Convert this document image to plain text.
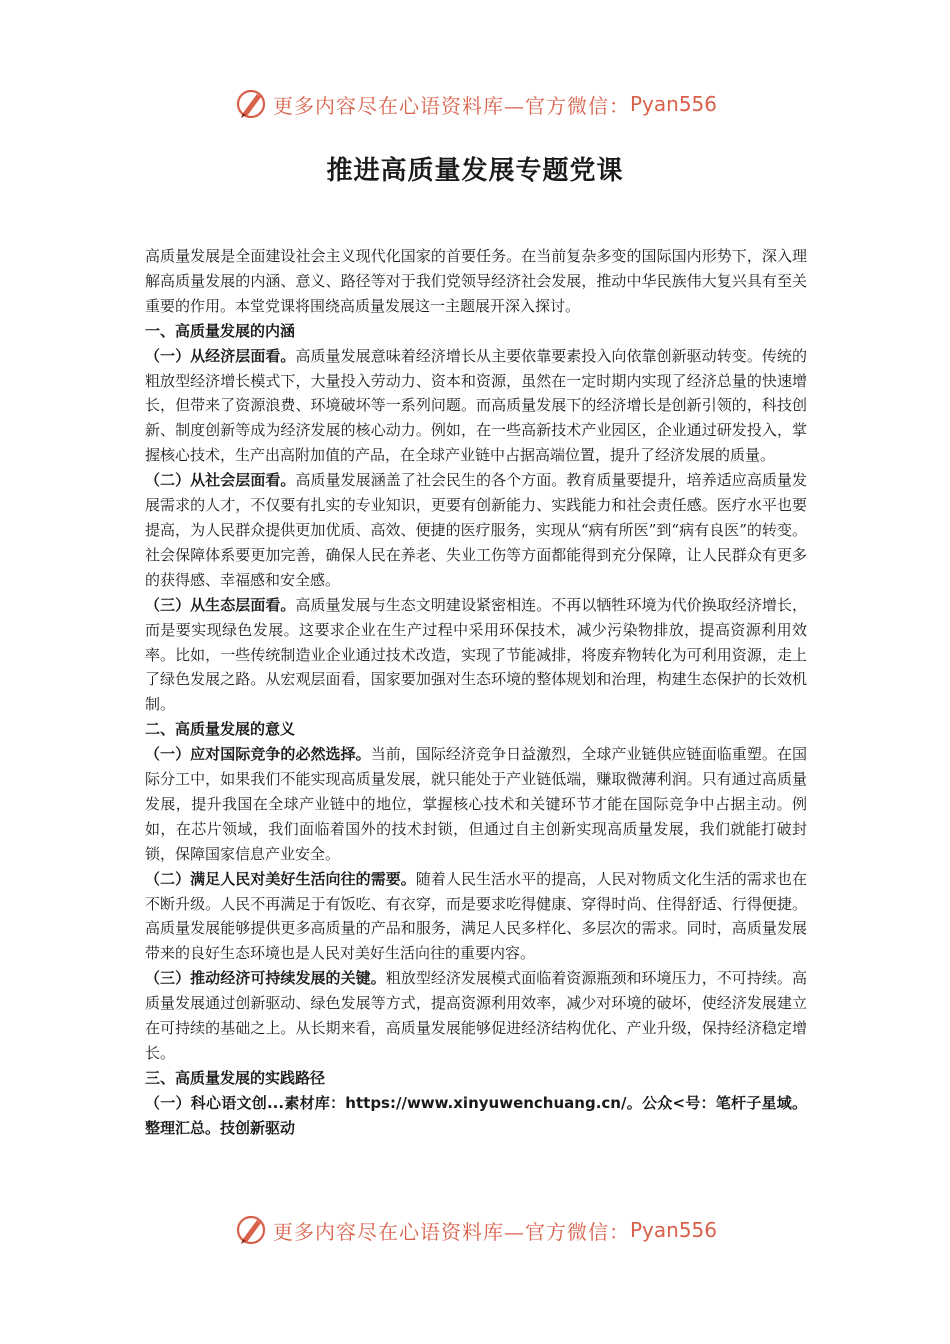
更多内容尽在心语资料库—官方微信： Pyan556
推进高质量发展专题党课

高质量发展是全面建设社会主义现代化国家的首要任务。在当前复杂多变的国际国内形势下，深入理解高质量发展的内涵、意义、路径等对于我们党领导经济社会发展，推动中华民族伟大复兴具有至关重要的作用。本堂党课将围绕高质量发展这一主题展开深入探讨。

一、高质量发展的内涵

（一）从经济层面看。高质量发展意味着经济增长从主要依靠要素投入向依靠创新驱动转变。传统的粗放型经济增长模式下，大量投入劳动力、资本和资源，虽然在一定时期内实现了经济总量的快速增长，但带来了资源浪费、环境破坏等一系列问题。而高质量发展下的经济增长是创新引领的，科技创新、制度创新等成为经济发展的核心动力。例如，在一些高新技术产业园区，企业通过研发投入，掌握核心技术，生产出高附加值的产品，在全球产业链中占据高端位置，提升了经济发展的质量。

（二）从社会层面看。高质量发展涵盖了社会民生的各个方面。教育质量要提升，培养适应高质量发展需求的人才，不仅要有扎实的专业知识，更要有创新能力、实践能力和社会责任感。医疗水平也要提高，为人民群众提供更加优质、高效、便捷的医疗服务，实现从“病有所医”到“病有良医”的转变。社会保障体系要更加完善，确保人民在养老、失业工伤等方面都能得到充分保障，让人民群众有更多的获得感、幸福感和安全感。

（三）从生态层面看。高质量发展与生态文明建设紧密相连。不再以牺牲环境为代价换取经济增长，而是要实现绿色发展。这要求企业在生产过程中采用环保技术，减少污染物排放，提高资源利用效率。比如，一些传统制造业企业通过技术改造，实现了节能减排，将废弃物转化为可利用资源，走上了绿色发展之路。从宏观层面看，国家要加强对生态环境的整体规划和治理，构建生态保护的长效机制。

二、高质量发展的意义

（一）应对国际竞争的必然选择。当前，国际经济竞争日益激烈，全球产业链供应链面临重塑。在国际分工中，如果我们不能实现高质量发展，就只能处于产业链低端，赚取微薄利润。只有通过高质量发展，提升我国在全球产业链中的地位，掌握核心技术和关键环节才能在国际竞争中占据主动。例如，在芯片领域，我们面临着国外的技术封锁，但通过自主创新实现高质量发展，我们就能打破封锁，保障国家信息产业安全。

（二）满足人民对美好生活向往的需要。随着人民生活水平的提高，人民对物质文化生活的需求也在不断升级。人民不再满足于有饭吃、有衣穿，而是要求吃得健康、穿得时尚、住得舒适、行得便捷。高质量发展能够提供更多高质量的产品和服务，满足人民多样化、多层次的需求。同时，高质量发展带来的良好生态环境也是人民对美好生活向往的重要内容。

（三）推动经济可持续发展的关键。粗放型经济发展模式面临着资源瓶颈和环境压力，不可持续。高质量发展通过创新驱动、绿色发展等方式，提高资源利用效率，减少对环境的破坏，使经济发展建立在可持续的基础之上。从长期来看，高质量发展能够促进经济结构优化、产业升级，保持经济稳定增长。

三、高质量发展的实践路径

（一）科心语文创...素材库：https://www.xinyuwenchuang.cn/。公众<号：笔杆子星域。整理汇总。技创新驱动

更多内容尽在心语资料库—官方微信： Pyan556
